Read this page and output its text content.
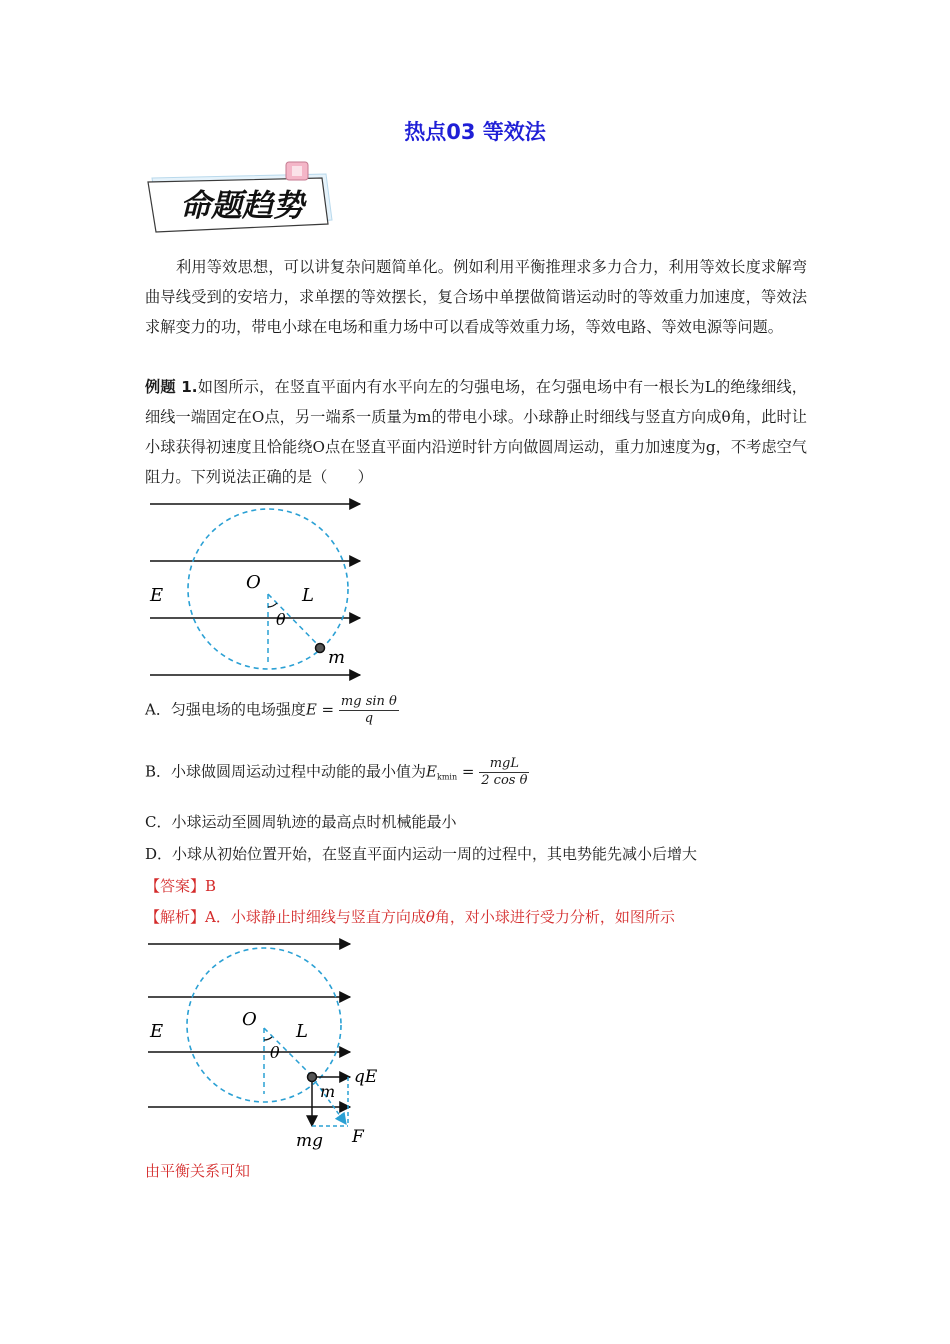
热点03 等效法
命题趋势

利用等效思想，可以讲复杂问题简单化。例如利用平衡推理求多力合力，利用等效长度求解弯曲导线受到的安培力，求单摆的等效摆长，复合场中单摆做简谐运动时的等效重力加速度，等效法求解变力的功，带电小球在电场和重力场中可以看成等效重力场，等效电路、等效电源等问题。

例题 1.如图所示，在竖直平面内有水平向左的匀强电场，在匀强电场中有一根长为L的绝缘细线，细线一端固定在O点，另一端系一质量为m的带电小球。小球静止时细线与竖直方向成θ角，此时让小球获得初速度且恰能绕O点在竖直平面内沿逆时针方向做圆周运动，重力加速度为g，不考虑空气阻力。下列说法正确的是（　　）

E
O
L
θ
m
A．匀强电场的电场强度$E = \frac{\text{mg sin θ}}{q}$
B．小球做圆周运动过程中动能的最小值为$E_{kmin} = \frac{\text{mgL}}{\text{2 cos θ}}$
C．小球运动至圆周轨迹的最高点时机械能最小
D．小球从初始位置开始，在竖直平面内运动一周的过程中，其电势能先减小后增大
【答案】B
【解析】A．小球静止时细线与竖直方向成θ角，对小球进行受力分析，如图所示
E
O
L
θ
m
qE
mg F
由平衡关系可知
